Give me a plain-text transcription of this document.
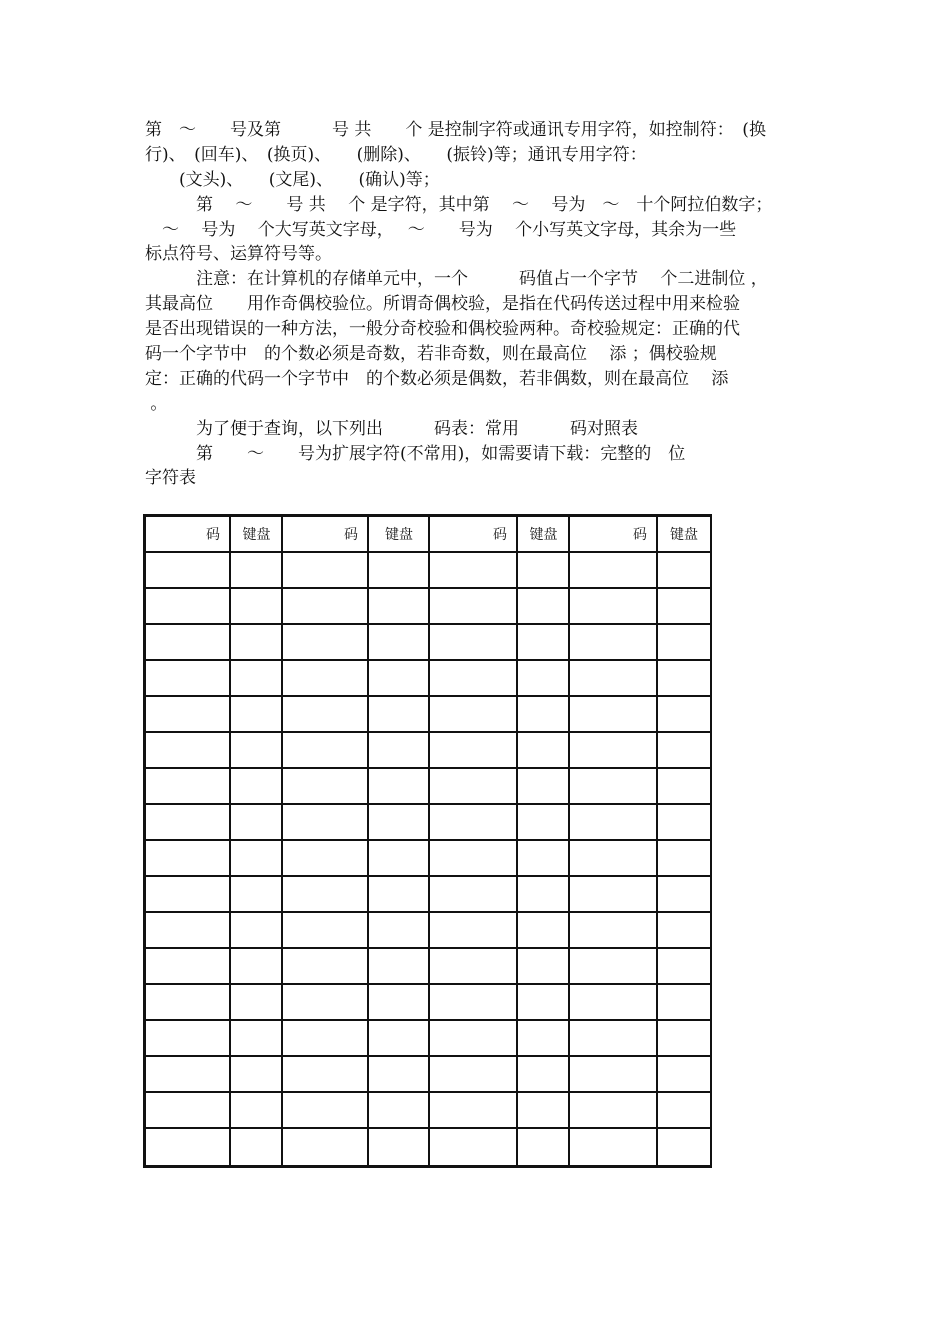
第　～　　号及第　　　号 共　　个 是控制字符或通讯专用字符，如控制符：　(换
行)、　(回车)、　(换页)、　　(删除)、　　(振铃)等；通讯专用字符：
　　(文头)、　　(文尾)、　　(确认)等；
　　　第　 ～　　号 共　 个 是字符，其中第　 ～　 号为　～　十个阿拉伯数字；
　～　 号为　 个大写英文字母，　 ～　　号为　 个小写英文字母，其余为一些
标点符号、运算符号等。
　　　注意：在计算机的存储单元中，一个　　　码值占一个字节　 个二进制位 ，
其最高位　　用作奇偶校验位。所谓奇偶校验，是指在代码传送过程中用来检验
是否出现错误的一种方法，一般分奇校验和偶校验两种。奇校验规定：正确的代
码一个字节中　的个数必须是奇数，若非奇数，则在最高位　 添 ；偶校验规
定：正确的代码一个字节中　的个数必须是偶数，若非偶数，则在最高位　 添
。
　　　为了便于查询，以下列出　　　码表：常用　　　码对照表
　　　第　　～　　号为扩展字符(不常用)，如需要请下载：完整的　位
字符表
码	键盘	码	键盘	码	键盘	码	键盘
